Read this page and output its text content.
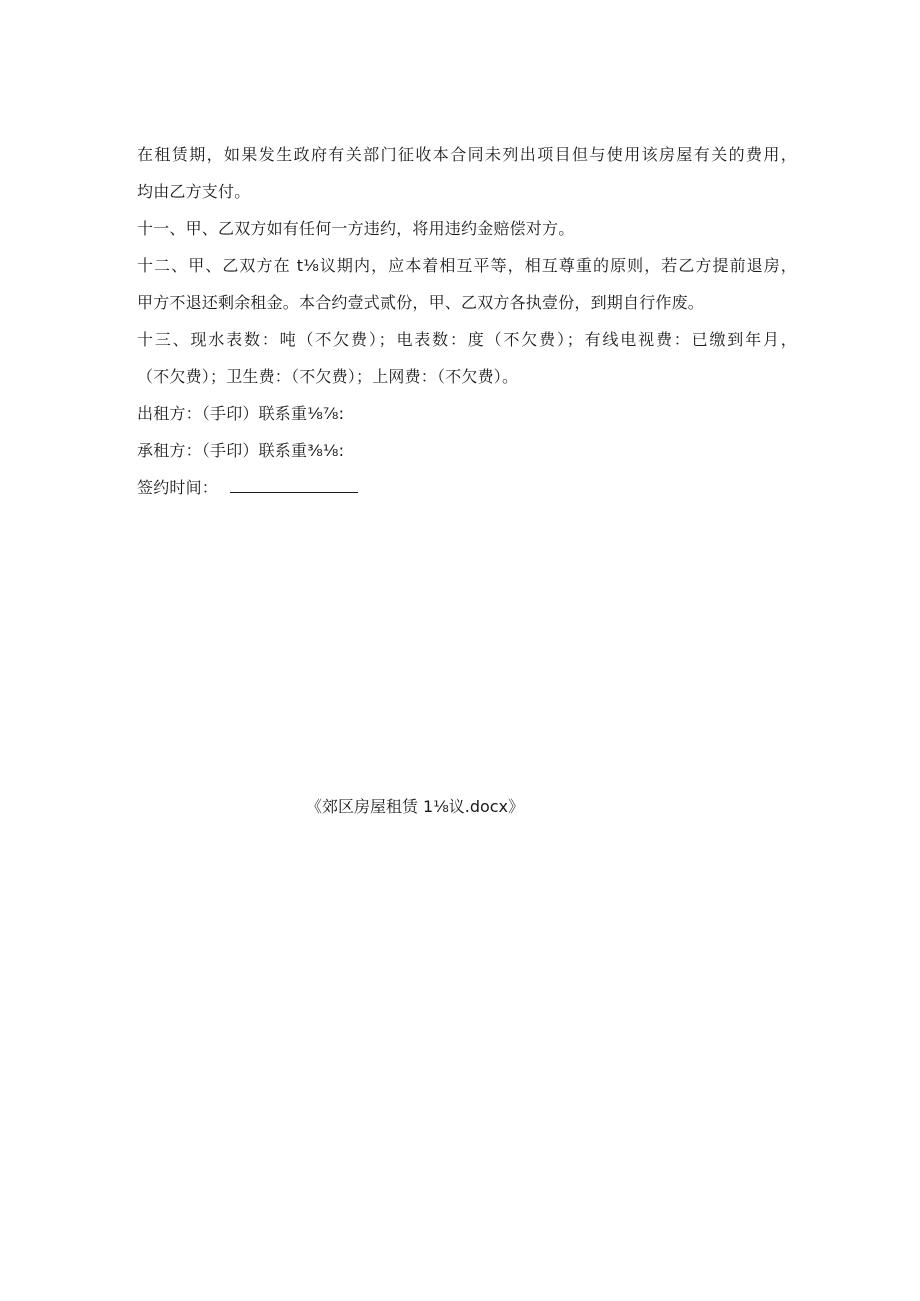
在租赁期，如果发生政府有关部门征收本合同未列出项目但与使用该房屋有关的费用，
均由乙方支付。
十一、甲、乙双方如有任何一方违约，将用违约金赔偿对方。
十二、甲、乙双方在 t⅛议期内，应本着相互平等，相互尊重的原则，若乙方提前退房，
甲方不退还剩余租金。本合约壹式贰份，甲、乙双方各执壹份，到期自行作废。
十三、现水表数：吨（不欠费）；电表数：度（不欠费）；有线电视费：已缴到年月，
（不欠费）；卫生费：（不欠费）；上网费：（不欠费）。
出租方：（手印）联系重⅛⅞:
承租方：（手印）联系重⅜⅛:
签约时间：
《郊区房屋租赁 1⅛议.docx》
